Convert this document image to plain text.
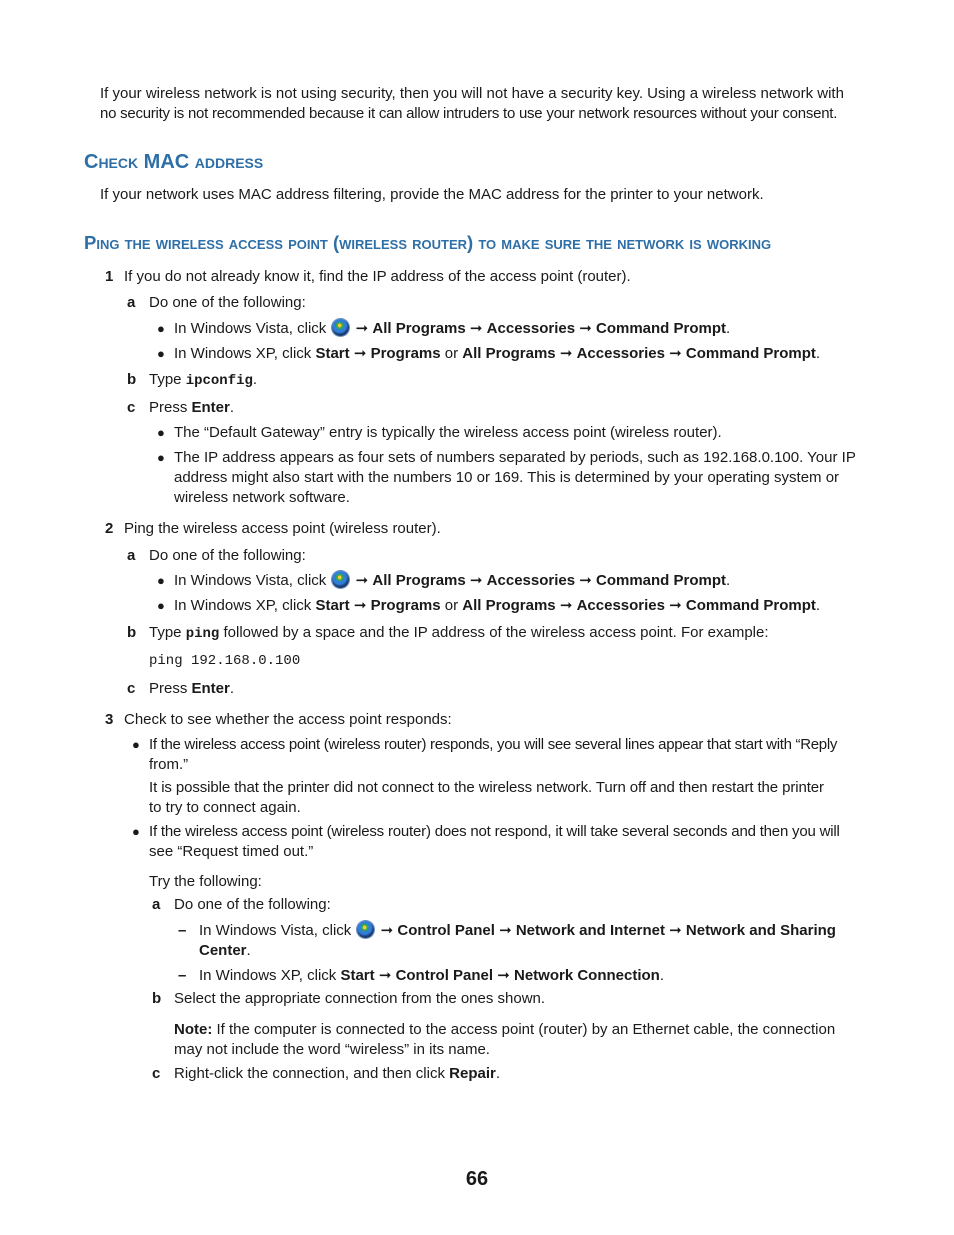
If your wireless network is not using security, then you will not have a security key. Using a wireless network with
no security is not recommended because it can allow intruders to use your network resources without your consent.
Check MAC address
If your network uses MAC address filtering, provide the MAC address for the printer to your network.
Ping the wireless access point (wireless router) to make sure the network is working
1 If you do not already know it, find the IP address of the access point (router).
a Do one of the following:
● In Windows Vista, click ➞ All Programs ➞ Accessories ➞ Command Prompt.
● In Windows XP, click Start ➞ Programs or All Programs ➞ Accessories ➞ Command Prompt.
b Type ipconfig.
c Press Enter.
● The “Default Gateway” entry is typically the wireless access point (wireless router).
● The IP address appears as four sets of numbers separated by periods, such as 192.168.0.100. Your IP
address might also start with the numbers 10 or 169. This is determined by your operating system or
wireless network software.
2 Ping the wireless access point (wireless router).
a Do one of the following:
● In Windows Vista, click ➞ All Programs ➞ Accessories ➞ Command Prompt.
● In Windows XP, click Start ➞ Programs or All Programs ➞ Accessories ➞ Command Prompt.
b Type ping followed by a space and the IP address of the wireless access point. For example:
ping 192.168.0.100
c Press Enter.
3 Check to see whether the access point responds:
● If the wireless access point (wireless router) responds, you will see several lines appear that start with “Reply
from.”
It is possible that the printer did not connect to the wireless network. Turn off and then restart the printer
to try to connect again.
● If the wireless access point (wireless router) does not respond, it will take several seconds and then you will
see “Request timed out.”
Try the following:
a Do one of the following:
– In Windows Vista, click ➞ Control Panel ➞ Network and Internet ➞ Network and Sharing
Center.
– In Windows XP, click Start ➞ Control Panel ➞ Network Connection.
b Select the appropriate connection from the ones shown.
Note: If the computer is connected to the access point (router) by an Ethernet cable, the connection
may not include the word “wireless” in its name.
c Right-click the connection, and then click Repair.
66
